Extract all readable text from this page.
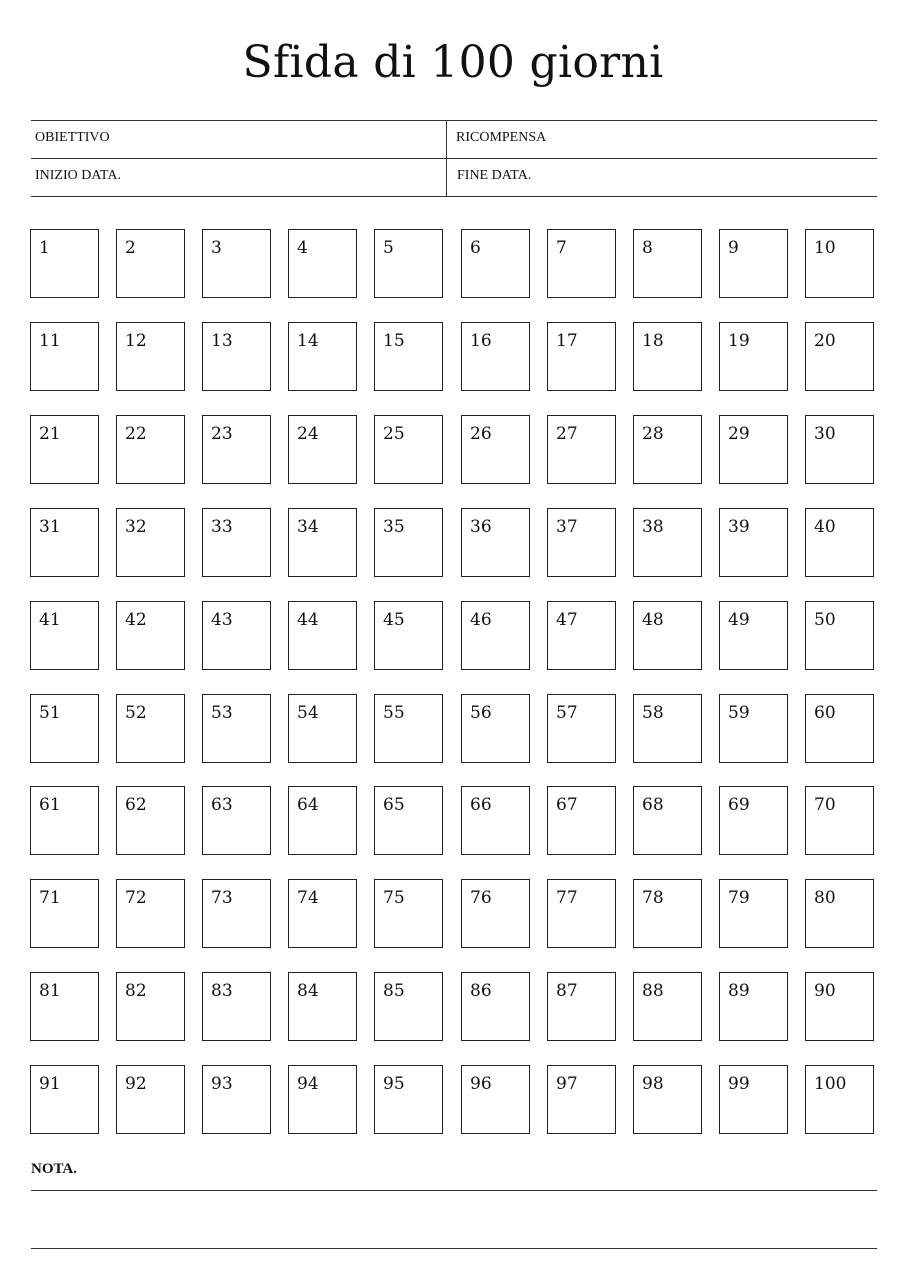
Sfida di 100 giorni
OBIETTIVO	RICOMPENSA
INIZIO DATA.	FINE DATA.
1	2	3	4	5	6	7	8	9	10
11	12	13	14	15	16	17	18	19	20
21	22	23	24	25	26	27	28	29	30
31	32	33	34	35	36	37	38	39	40
41	42	43	44	45	46	47	48	49	50
51	52	53	54	55	56	57	58	59	60
61	62	63	64	65	66	67	68	69	70
71	72	73	74	75	76	77	78	79	80
81	82	83	84	85	86	87	88	89	90
91	92	93	94	95	96	97	98	99	100
NOTA.
